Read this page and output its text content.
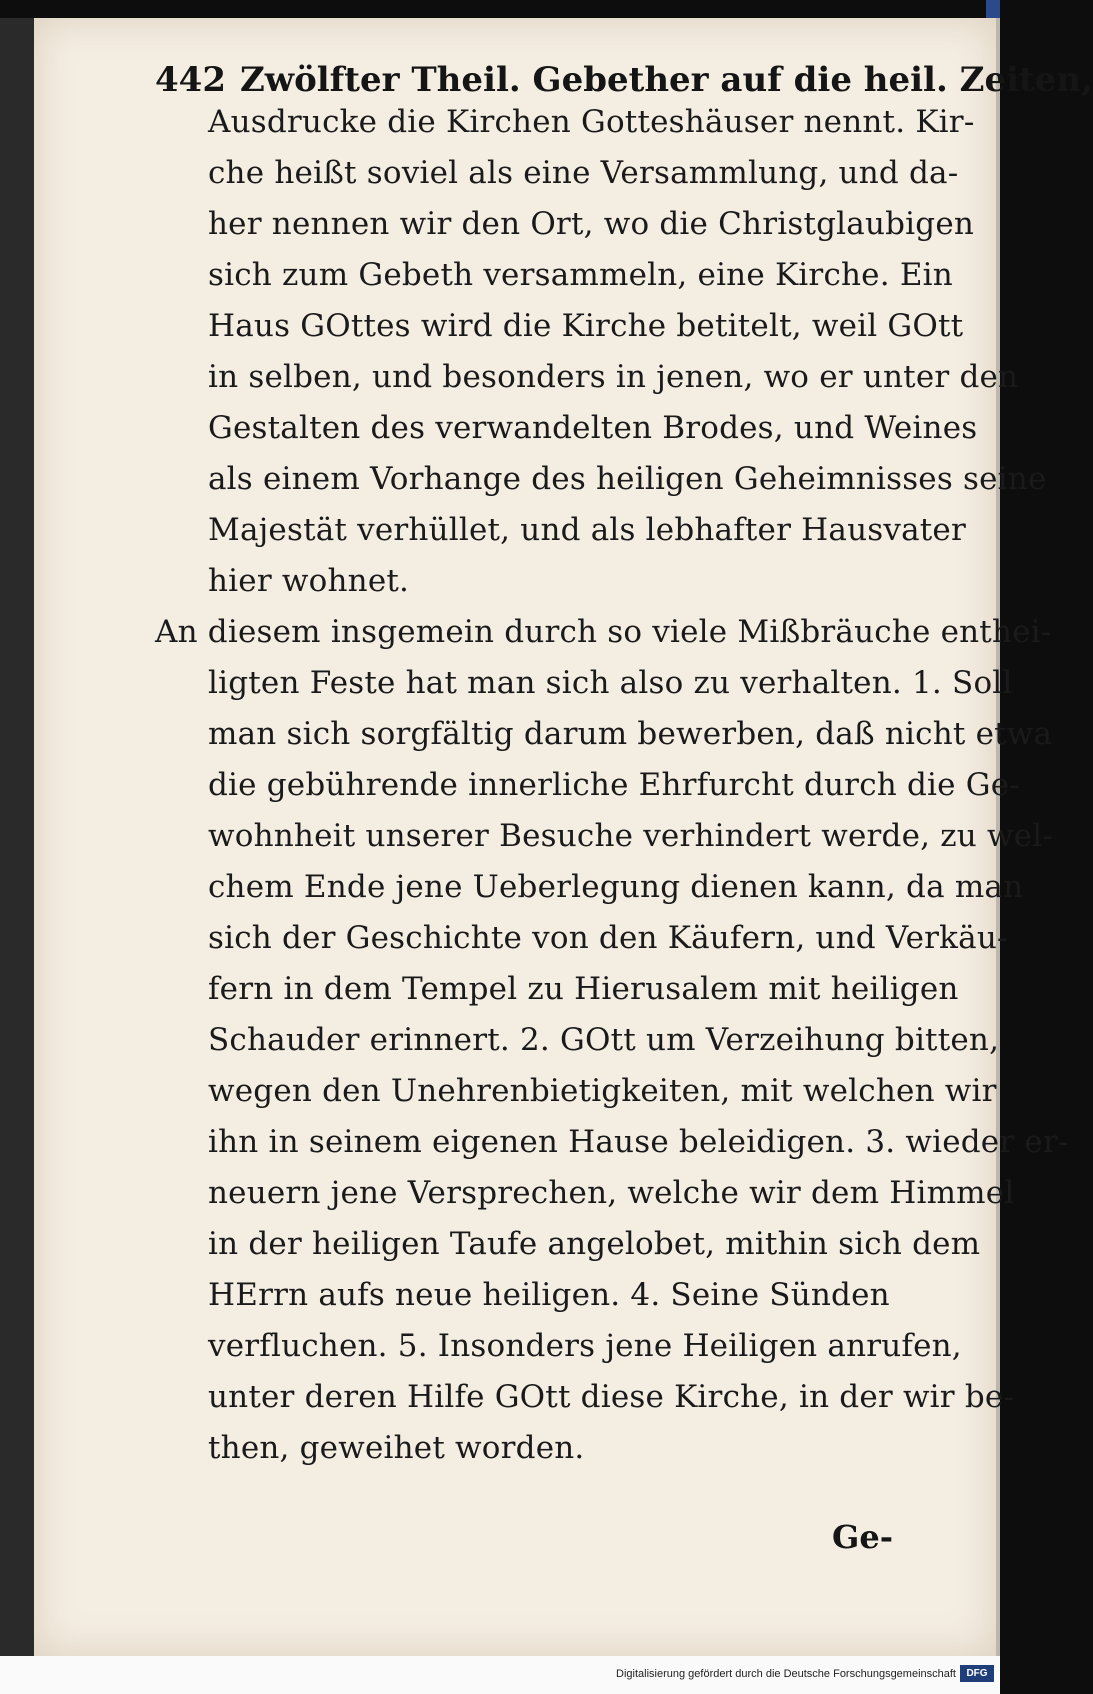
442 Zwölfter Theil. Gebether auf die heil. Zeiten,
Ausdrucke die Kirchen Gotteshäuser nennt. Kir-
che heißt soviel als eine Versammlung, und da-
her nennen wir den Ort, wo die Christglaubigen
sich zum Gebeth versammeln, eine Kirche. Ein
Haus GOttes wird die Kirche betitelt, weil GOtt
in selben, und besonders in jenen, wo er unter den
Gestalten des verwandelten Brodes, und Weines
als einem Vorhange des heiligen Geheimnisses seine
Majestät verhüllet, und als lebhafter Hausvater
hier wohnet.
An diesem insgemein durch so viele Mißbräuche enthei-
ligten Feste hat man sich also zu verhalten. 1. Soll
man sich sorgfältig darum bewerben, daß nicht etwa
die gebührende innerliche Ehrfurcht durch die Ge-
wohnheit unserer Besuche verhindert werde, zu wel-
chem Ende jene Ueberlegung dienen kann, da man
sich der Geschichte von den Käufern, und Verkäu-
fern in dem Tempel zu Hierusalem mit heiligen
Schauder erinnert. 2. GOtt um Verzeihung bitten,
wegen den Unehrenbietigkeiten, mit welchen wir
ihn in seinem eigenen Hause beleidigen. 3. wieder er-
neuern jene Versprechen, welche wir dem Himmel
in der heiligen Taufe angelobet, mithin sich dem
HErrn aufs neue heiligen. 4. Seine Sünden
verfluchen. 5. Insonders jene Heiligen anrufen,
unter deren Hilfe GOtt diese Kirche, in der wir be-
then, geweihet worden.
Ge-
Digitalisierung gefördert durch die Deutsche Forschungsgemeinschaft	DFG
